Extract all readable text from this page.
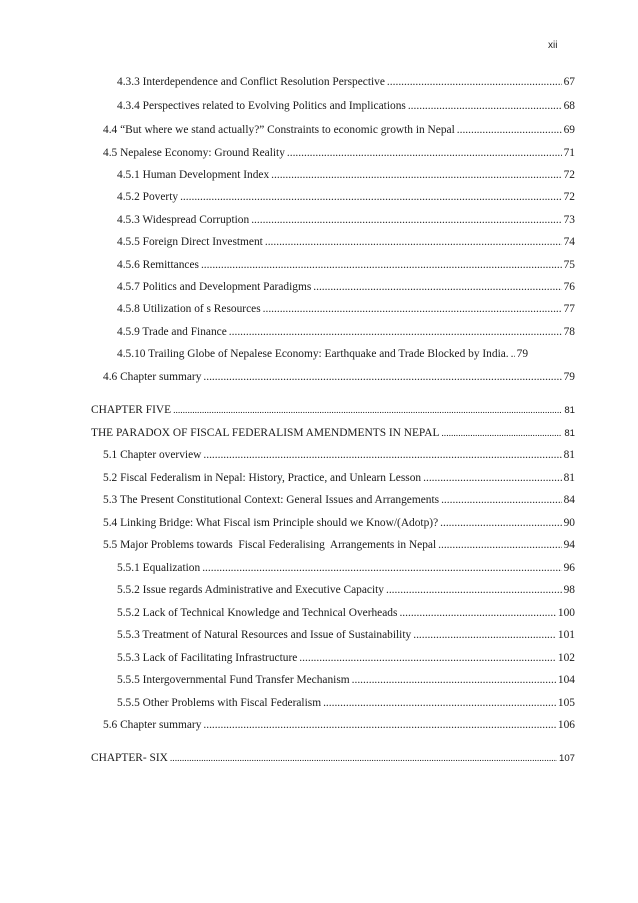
xii
4.3.3 Interdependence and Conflict Resolution Perspective .....	67
4.3.4 Perspectives related to Evolving Politics and Implications .....	68
4.4 “But where we stand actually?” Constraints to economic growth in Nepal .....	69
4.5 Nepalese Economy: Ground Reality .....	71
4.5.1 Human Development Index .....	72
4.5.2 Poverty .....	72
4.5.3 Widespread Corruption .....	73
4.5.5 Foreign Direct Investment .....	74
4.5.6 Remittances .....	75
4.5.7 Politics and Development Paradigms .....	76
4.5.8 Utilization of s Resources .....	77
4.5.9 Trade and Finance .....	78
4.5.10 Trailing Globe of Nepalese Economy: Earthquake and Trade Blocked by India. ..... 79
4.6 Chapter summary .....	79
CHAPTER FIVE .....	81
THE PARADOX OF FISCAL FEDERALISM AMENDMENTS IN NEPAL .....	81
5.1 Chapter overview .....	81
5.2 Fiscal Federalism in Nepal: History, Practice, and Unlearn Lesson .....	81
5.3 The Present Constitutional Context: General Issues and Arrangements .....	84
5.4 Linking Bridge: What Fiscal ism Principle should we Know/(Adotp)? .....	90
5.5 Major Problems towards  Fiscal Federalising  Arrangements in Nepal .....	94
5.5.1 Equalization .....	96
5.5.2 Issue regards Administrative and Executive Capacity .....	98
5.5.2 Lack of Technical Knowledge and Technical Overheads .....	100
5.5.3 Treatment of Natural Resources and Issue of Sustainability .....	101
5.5.3 Lack of Facilitating Infrastructure .....	102
5.5.5 Intergovernmental Fund Transfer Mechanism .....	104
5.5.5 Other Problems with Fiscal Federalism .....	105
5.6 Chapter summary .....	106
CHAPTER- SIX .....	107
